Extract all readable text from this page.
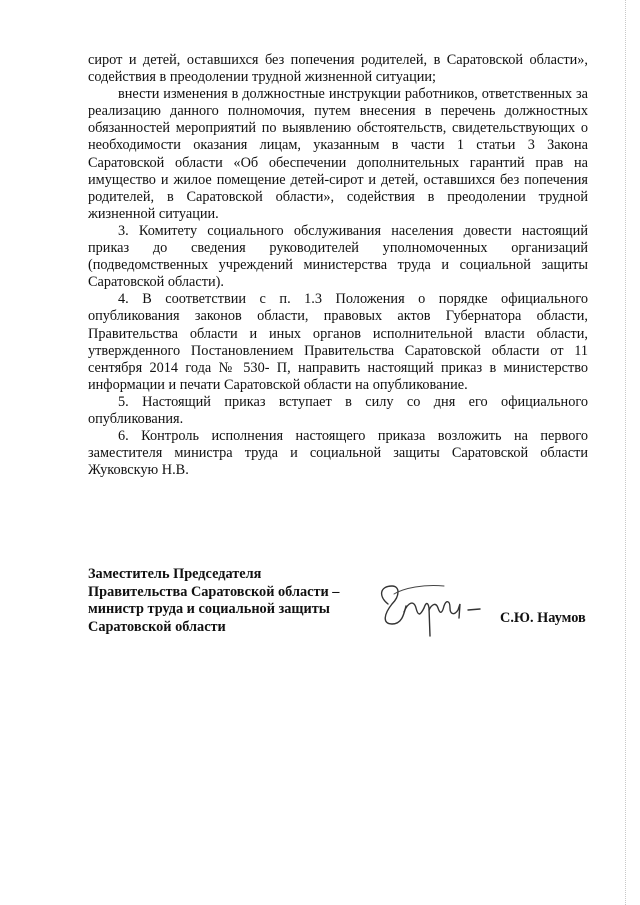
сирот и детей, оставшихся без попечения родителей, в Саратовской области», содействия в преодолении трудной жизненной ситуации;

внести изменения в должностные инструкции работников, ответственных за реализацию данного полномочия, путем внесения в перечень должностных обязанностей мероприятий по выявлению обстоятельств, свидетельствующих о необходимости оказания лицам, указанным в части 1 статьи 3 Закона Саратовской области «Об обеспечении дополнительных гарантий прав на имущество и жилое помещение детей-сирот и детей, оставшихся без попечения родителей, в Саратовской области», содействия в преодолении трудной жизненной ситуации.

3. Комитету социального обслуживания населения довести настоящий приказ до сведения руководителей уполномоченных организаций (подведомственных учреждений министерства труда и социальной защиты Саратовской области).

4. В соответствии с п. 1.3 Положения о порядке официального опубликования законов области, правовых актов Губернатора области, Правительства области и иных органов исполнительной власти области, утвержденного Постановлением Правительства Саратовской области от 11 сентября 2014 года № 530- П, направить настоящий приказ в министерство информации и печати Саратовской области на опубликование.

5. Настоящий приказ вступает в силу со дня его официального опубликования.

6. Контроль исполнения настоящего приказа возложить на первого заместителя министра труда и социальной защиты Саратовской области Жуковскую Н.В.

Заместитель Председателя
Правительства Саратовской области –
министр труда и социальной защиты
Саратовской области
С.Ю. Наумов
